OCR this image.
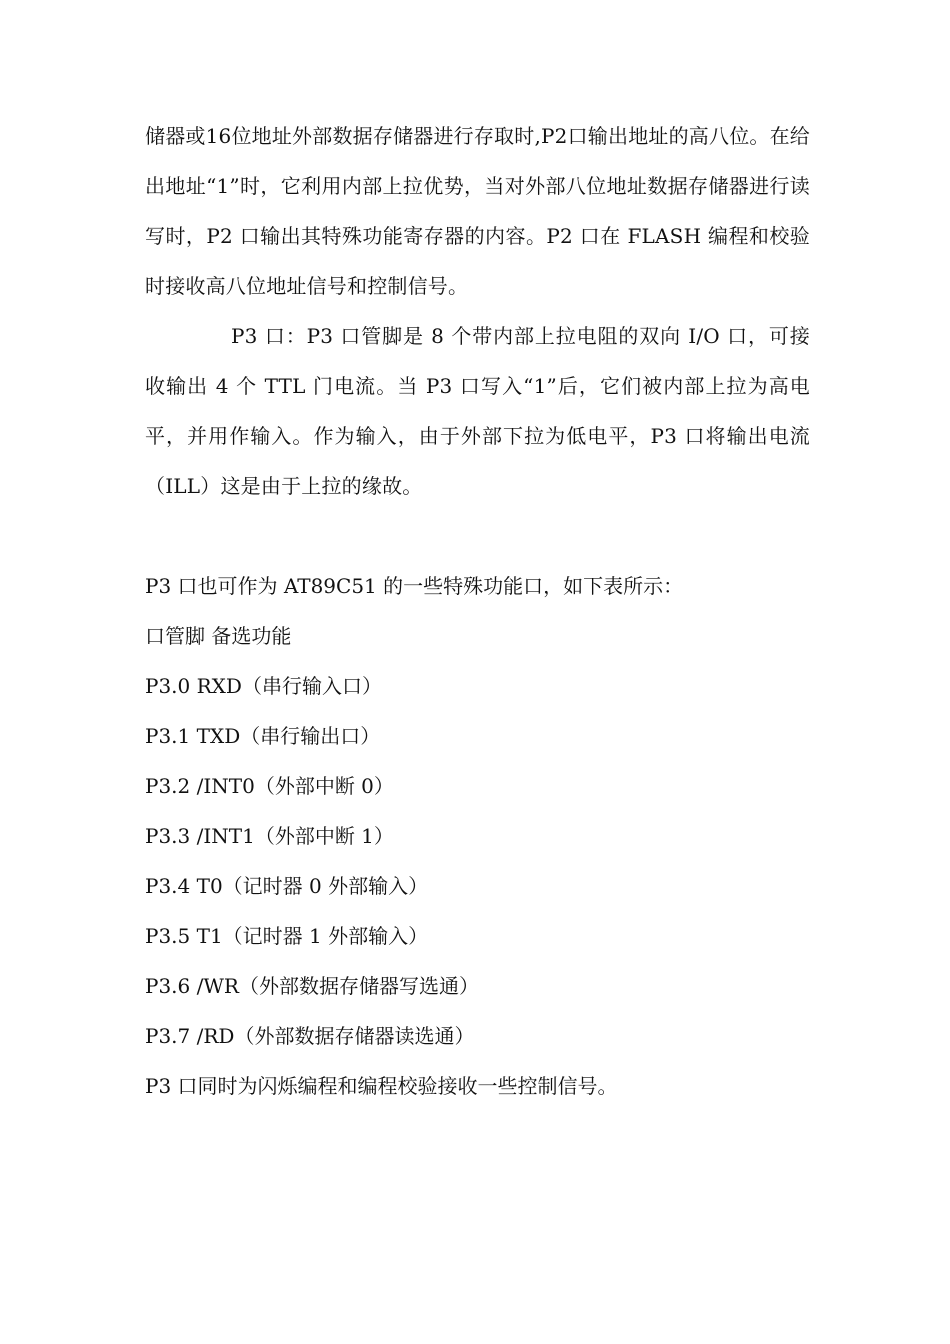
储器或16位地址外部数据存储器进行存取时,P2口输出地址的高八位。在给出地址“1”时，它利用内部上拉优势，当对外部八位地址数据存储器进行读写时，P2 口输出其特殊功能寄存器的内容。P2 口在 FLASH 编程和校验时接收高八位地址信号和控制信号。

P3 口：P3 口管脚是 8 个带内部上拉电阻的双向 I/O 口，可接收输出 4 个 TTL 门电流。当 P3 口写入“1”后，它们被内部上拉为高电平，并用作输入。作为输入，由于外部下拉为低电平，P3 口将输出电流（ILL）这是由于上拉的缘故。

P3 口也可作为 AT89C51 的一些特殊功能口，如下表所示：

口管脚 备选功能

P3.0 RXD（串行输入口）

P3.1 TXD（串行输出口）

P3.2 /INT0（外部中断 0）

P3.3 /INT1（外部中断 1）

P3.4 T0（记时器 0 外部输入）

P3.5 T1（记时器 1 外部输入）

P3.6 /WR（外部数据存储器写选通）

P3.7 /RD（外部数据存储器读选通）

P3 口同时为闪烁编程和编程校验接收一些控制信号。
